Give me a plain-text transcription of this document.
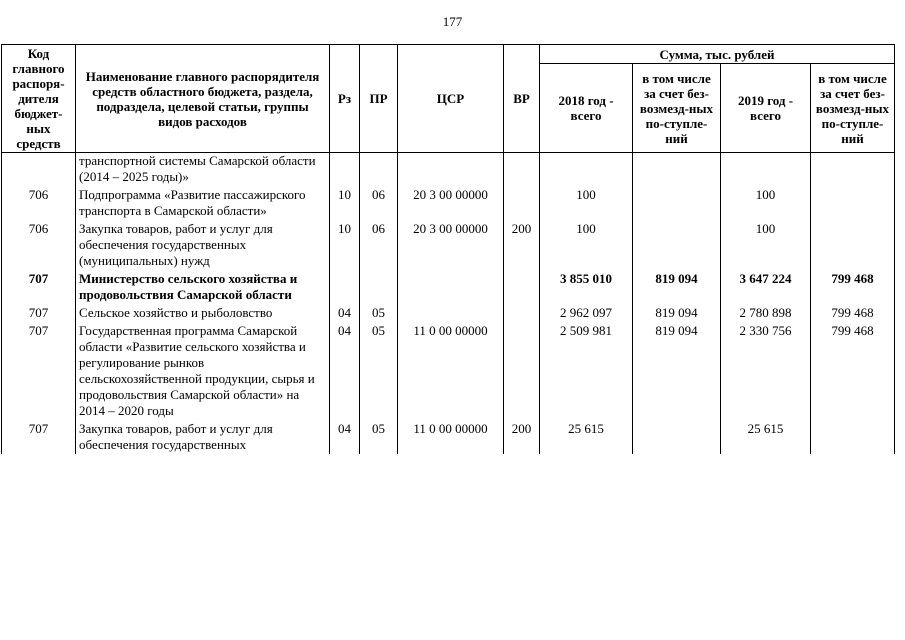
177
Код главного распоря-дителя бюджет-ных средств	Наименование главного распорядителя средств областного бюджета, раздела, подраздела, целевой статьи, группы видов расходов	Рз	ПР	ЦСР	ВР	Сумма, тыс. рублей			
						2018 год - всего	в том числе за счет без-возмезд-ных по-ступле-ний	2019 год - всего	в том числе за счет без-возмезд-ных по-ступле-ний
	транспортной системы Самарской области (2014 – 2025 годы)»								
706	Подпрограмма «Развитие пассажирского транспорта в Самарской области»	10	06	20 3 00 00000		100		100	
706	Закупка товаров, работ и услуг для обеспечения государственных (муниципальных) нужд	10	06	20 3 00 00000	200	100		100	
707	Министерство сельского хозяйства и продовольствия Самарской области					3 855 010	819 094	3 647 224	799 468
707	Сельское хозяйство и рыболовство	04	05			2 962 097	819 094	2 780 898	799 468
707	Государственная программа Самарской области «Развитие сельского хозяйства и регулирование рынков сельскохозяйственной продукции, сырья и продовольствия Самарской области» на 2014 – 2020 годы	04	05	11 0 00 00000		2 509 981	819 094	2 330 756	799 468
707	Закупка товаров, работ и услуг для обеспечения государственных	04	05	11 0 00 00000	200	25 615		25 615	
